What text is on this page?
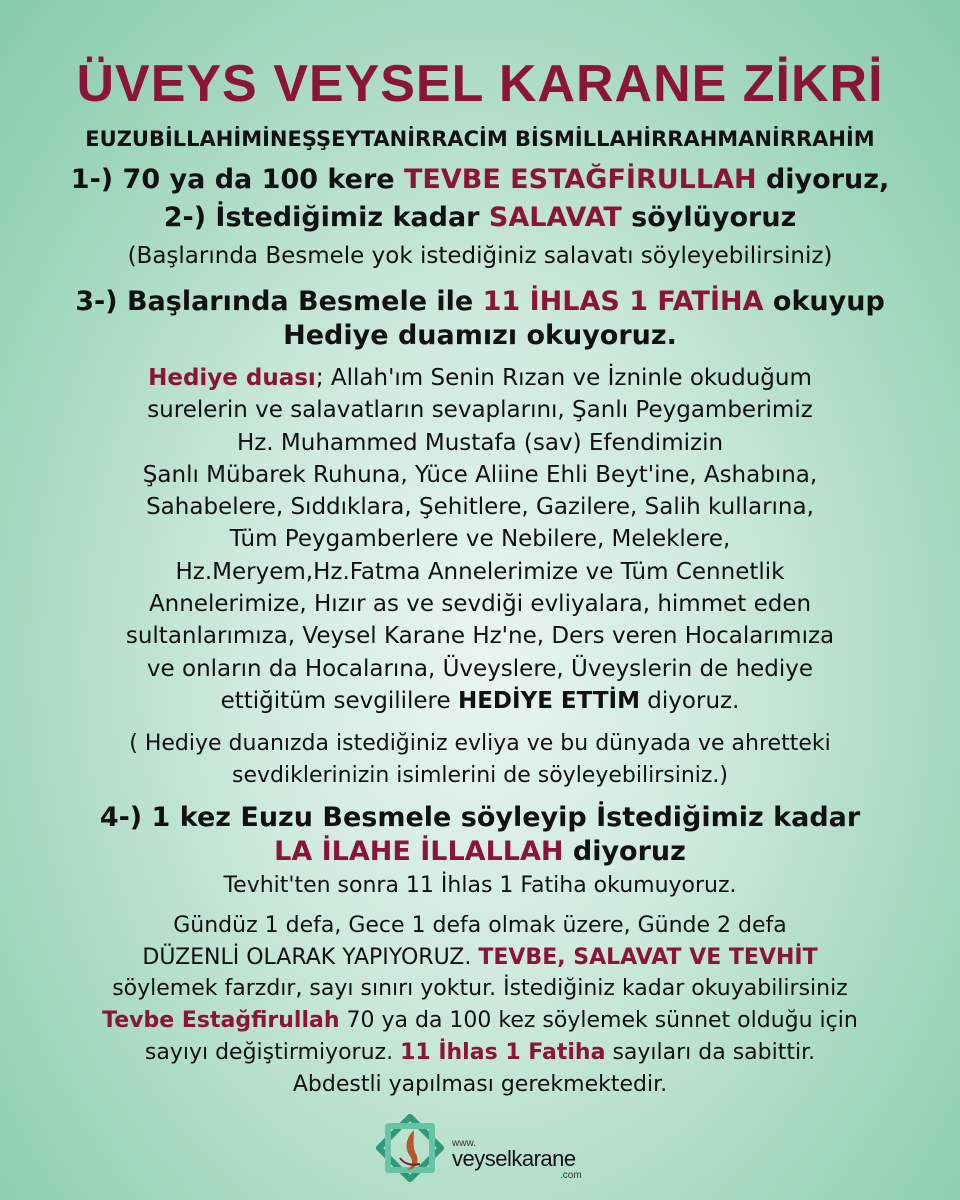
ÜVEYS VEYSEL KARANE ZİKRİ
EUZUBİLLAHİMİNEŞŞEYTANİRRACİM BİSMİLLAHİRRAHMANİRRAHİM
1-) 70 ya da 100 kere TEVBE ESTAĞFİRULLAH diyoruz,
2-) İstediğimiz kadar SALAVAT söylüyoruz
(Başlarında Besmele yok istediğiniz salavatı söyleyebilirsiniz)
3-) Başlarında Besmele ile 11 İHLAS 1 FATİHA okuyup
Hediye duamızı okuyoruz.
Hediye duası; Allah'ım Senin Rızan ve İzninle okuduğum
surelerin ve salavatların sevaplarını, Şanlı Peygamberimiz
Hz. Muhammed Mustafa (sav) Efendimizin
Şanlı Mübarek Ruhuna, Yüce Aliine Ehli Beyt'ine, Ashabına,
Sahabelere, Sıddıklara, Şehitlere, Gazilere, Salih kullarına,
Tüm Peygamberlere ve Nebilere, Meleklere,
Hz.Meryem,Hz.Fatma Annelerimize ve Tüm Cennetlik
Annelerimize, Hızır as ve sevdiği evliyalara, himmet eden
sultanlarımıza, Veysel Karane Hz'ne, Ders veren Hocalarımıza
ve onların da Hocalarına, Üveyslere, Üveyslerin de hediye
ettiğitüm sevgililere HEDİYE ETTİM diyoruz.
( Hediye duanızda istediğiniz evliya ve bu dünyada ve ahretteki
sevdiklerinizin isimlerini de söyleyebilirsiniz.)
4-) 1 kez Euzu Besmele söyleyip İstediğimiz kadar
LA İLAHE İLLALLAH diyoruz
Tevhit'ten sonra 11 İhlas 1 Fatiha okumuyoruz.
Gündüz 1 defa, Gece 1 defa olmak üzere, Günde 2 defa
DÜZENLİ OLARAK YAPIYORUZ. TEVBE, SALAVAT VE TEVHİT
söylemek farzdır, sayı sınırı yoktur. İstediğiniz kadar okuyabilirsiniz
Tevbe Estağfirullah 70 ya da 100 kez söylemek sünnet olduğu için
sayıyı değiştirmiyoruz. 11 İhlas 1 Fatiha sayıları da sabittir.
Abdestli yapılması gerekmektedir.
www.
veyselkarane
.com
